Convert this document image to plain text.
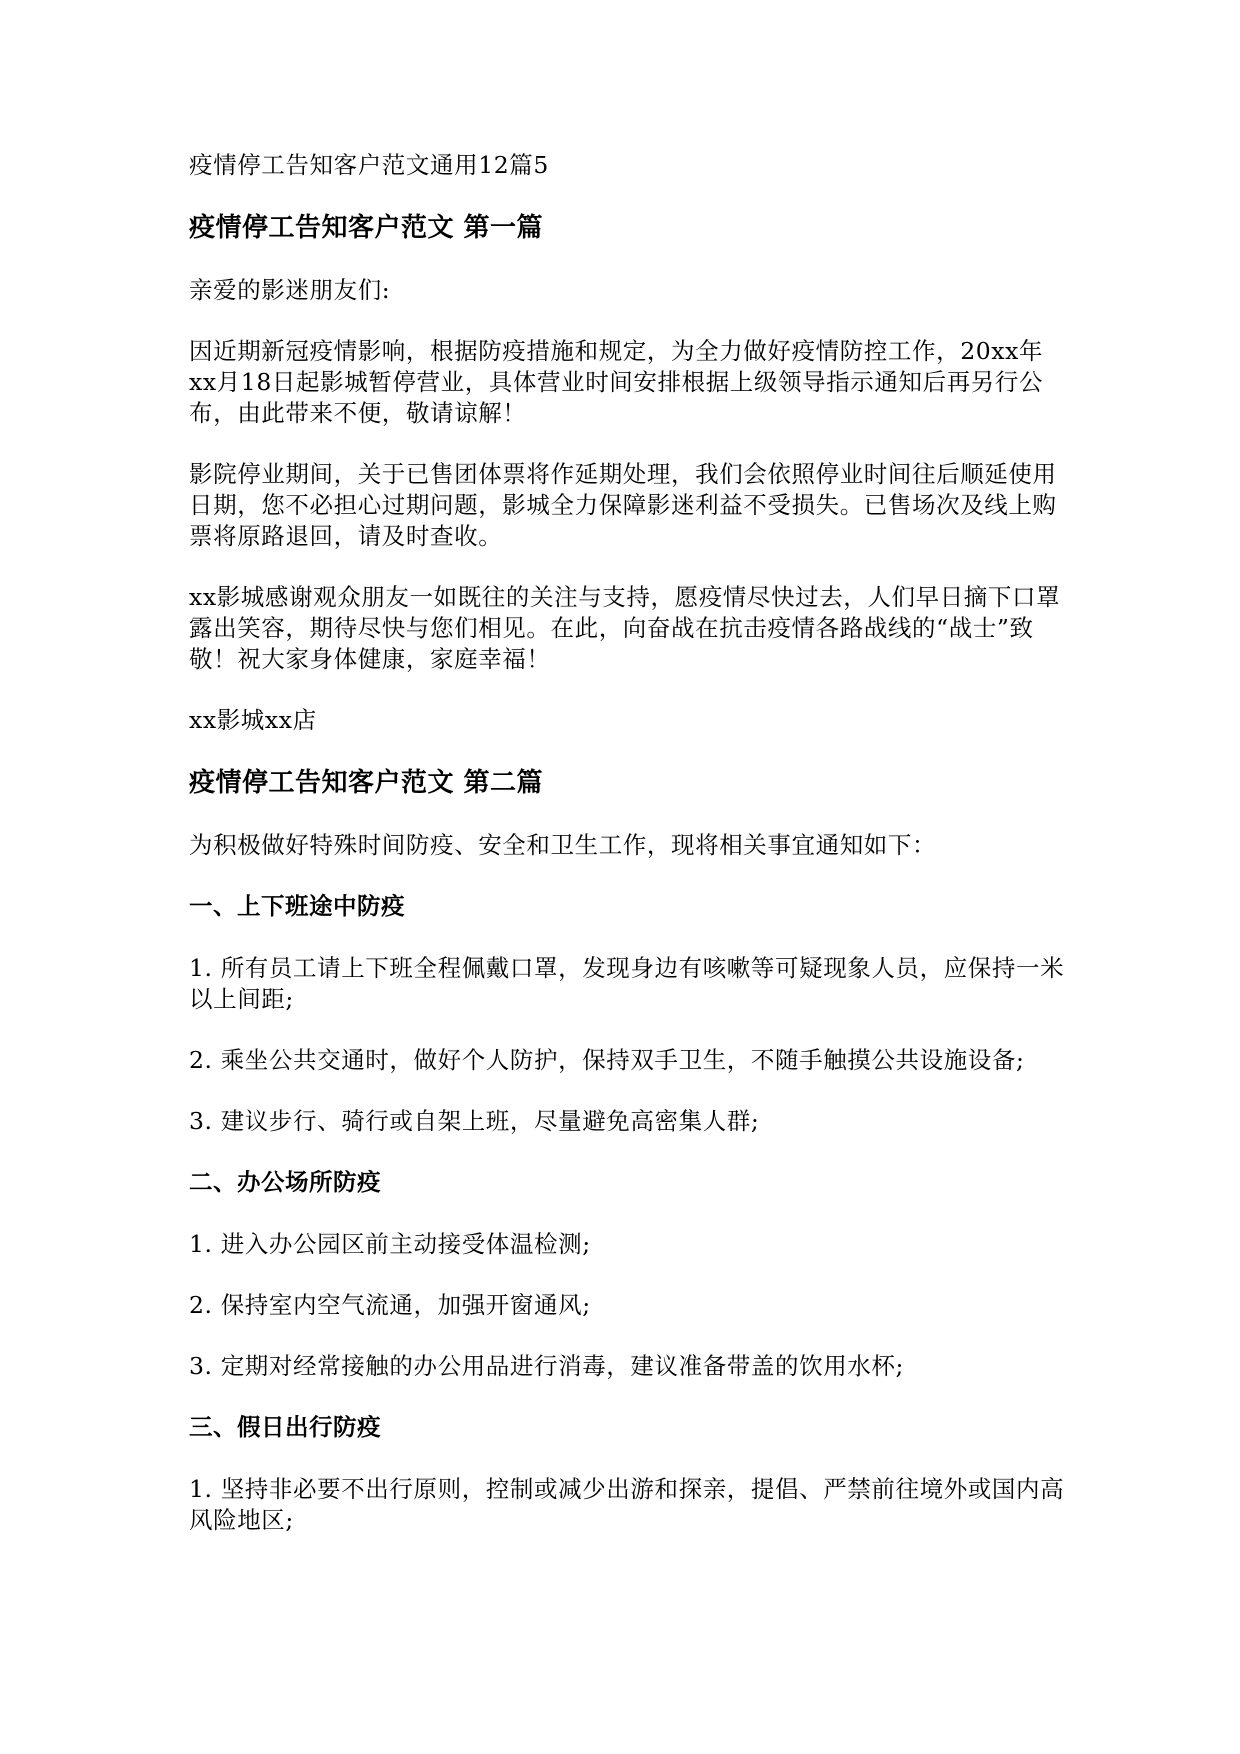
疫情停工告知客户范文通用12篇5
疫情停工告知客户范文 第一篇
亲爱的影迷朋友们:
因近期新冠疫情影响，根据防疫措施和规定，为全力做好疫情防控工作，20xx年xx月18日起影城暂停营业，具体营业时间安排根据上级领导指示通知后再另行公布，由此带来不便，敬请谅解！
影院停业期间，关于已售团体票将作延期处理，我们会依照停业时间往后顺延使用日期，您不必担心过期问题，影城全力保障影迷利益不受损失。已售场次及线上购票将原路退回，请及时查收。
xx影城感谢观众朋友一如既往的关注与支持，愿疫情尽快过去，人们早日摘下口罩露出笑容，期待尽快与您们相见。在此，向奋战在抗击疫情各路战线的“战士”致敬！祝大家身体健康，家庭幸福！
xx影城xx店
疫情停工告知客户范文 第二篇
为积极做好特殊时间防疫、安全和卫生工作，现将相关事宜通知如下：
一、上下班途中防疫
1. 所有员工请上下班全程佩戴口罩，发现身边有咳嗽等可疑现象人员，应保持一米以上间距;
2. 乘坐公共交通时，做好个人防护，保持双手卫生，不随手触摸公共设施设备;
3. 建议步行、骑行或自架上班，尽量避免高密集人群;
二、办公场所防疫
1. 进入办公园区前主动接受体温检测;
2. 保持室内空气流通，加强开窗通风;
3. 定期对经常接触的办公用品进行消毒，建议准备带盖的饮用水杯;
三、假日出行防疫
1. 坚持非必要不出行原则，控制或减少出游和探亲，提倡、严禁前往境外或国内高风险地区;
